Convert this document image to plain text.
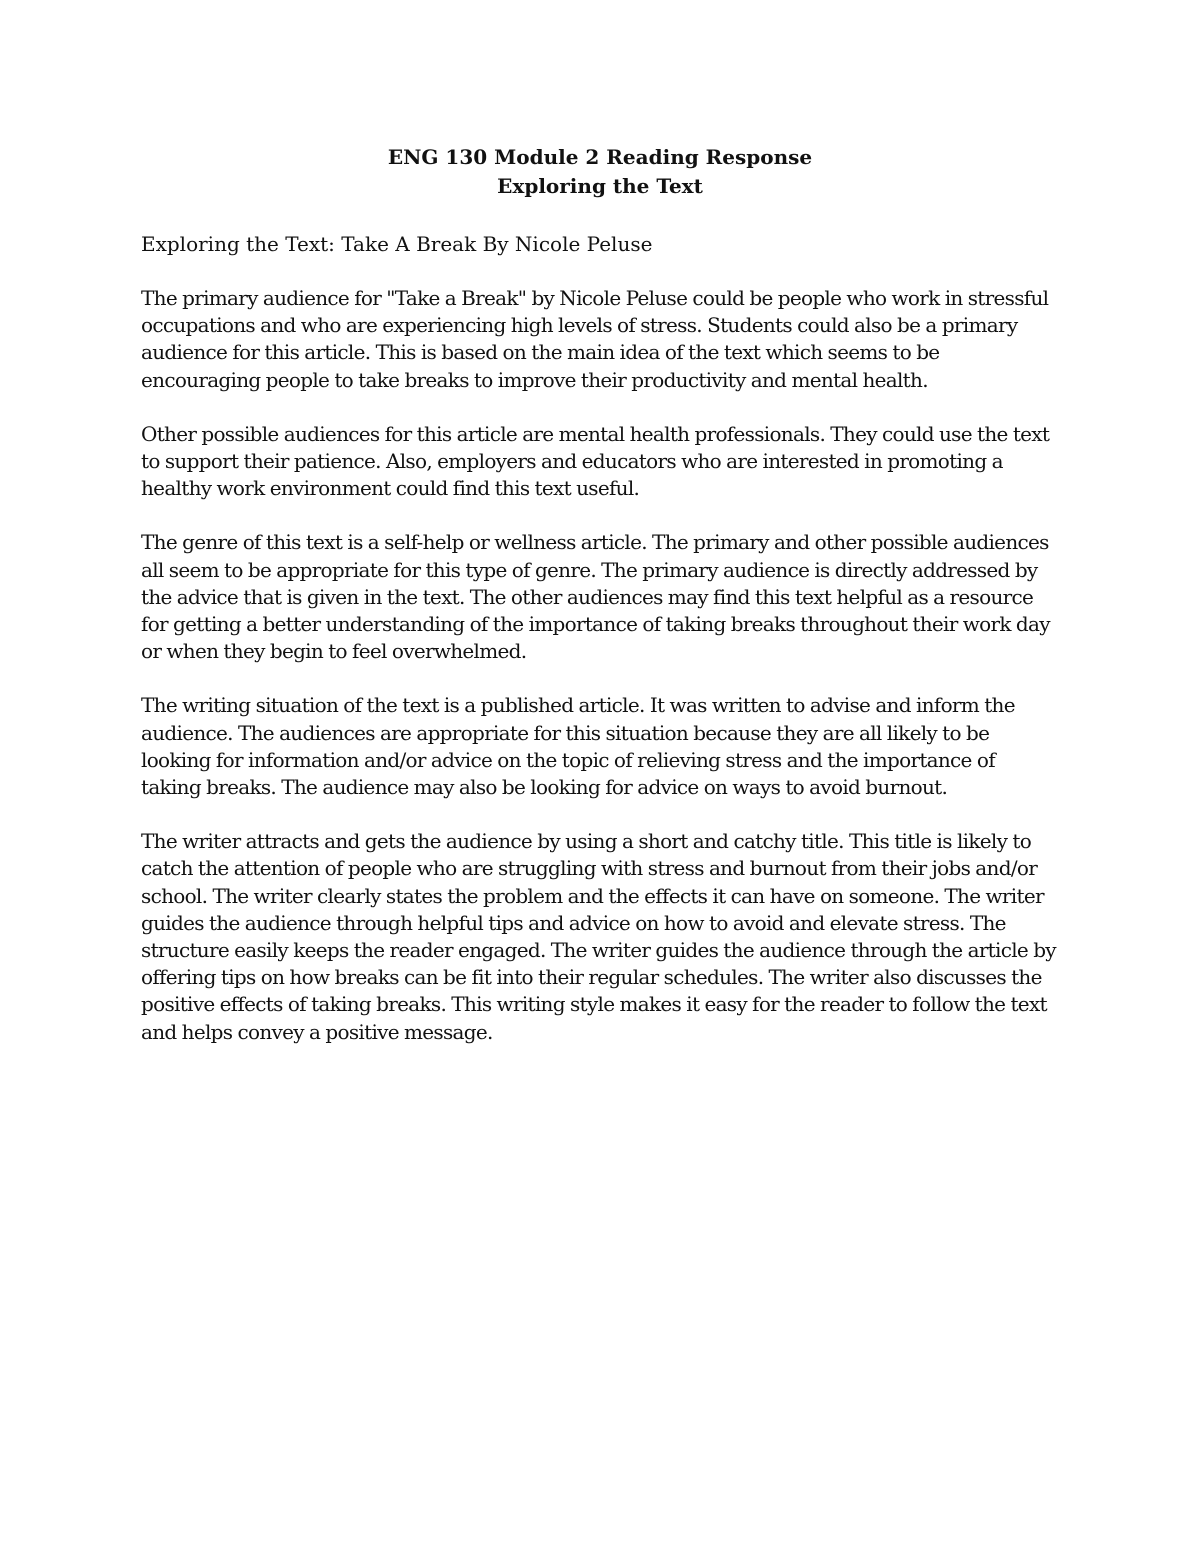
ENG 130 Module 2 Reading Response

Exploring the Text

Exploring the Text: Take A Break By Nicole Peluse

The primary audience for "Take a Break" by Nicole Peluse could be people who work in stressful occupations and who are experiencing high levels of stress. Students could also be a primary audience for this article. This is based on the main idea of the text which seems to be encouraging people to take breaks to improve their productivity and mental health.

Other possible audiences for this article are mental health professionals. They could use the text to support their patience. Also, employers and educators who are interested in promoting a healthy work environment could find this text useful.

The genre of this text is a self-help or wellness article. The primary and other possible audiences all seem to be appropriate for this type of genre. The primary audience is directly addressed by the advice that is given in the text. The other audiences may find this text helpful as a resource for getting a better understanding of the importance of taking breaks throughout their work day or when they begin to feel overwhelmed.

The writing situation of the text is a published article. It was written to advise and inform the audience. The audiences are appropriate for this situation because they are all likely to be looking for information and/or advice on the topic of relieving stress and the importance of taking breaks. The audience may also be looking for advice on ways to avoid burnout.

The writer attracts and gets the audience by using a short and catchy title. This title is likely to catch the attention of people who are struggling with stress and burnout from their jobs and/or school. The writer clearly states the problem and the effects it can have on someone. The writer guides the audience through helpful tips and advice on how to avoid and elevate stress. The structure easily keeps the reader engaged. The writer guides the audience through the article by offering tips on how breaks can be fit into their regular schedules. The writer also discusses the positive effects of taking breaks. This writing style makes it easy for the reader to follow the text and helps convey a positive message.
